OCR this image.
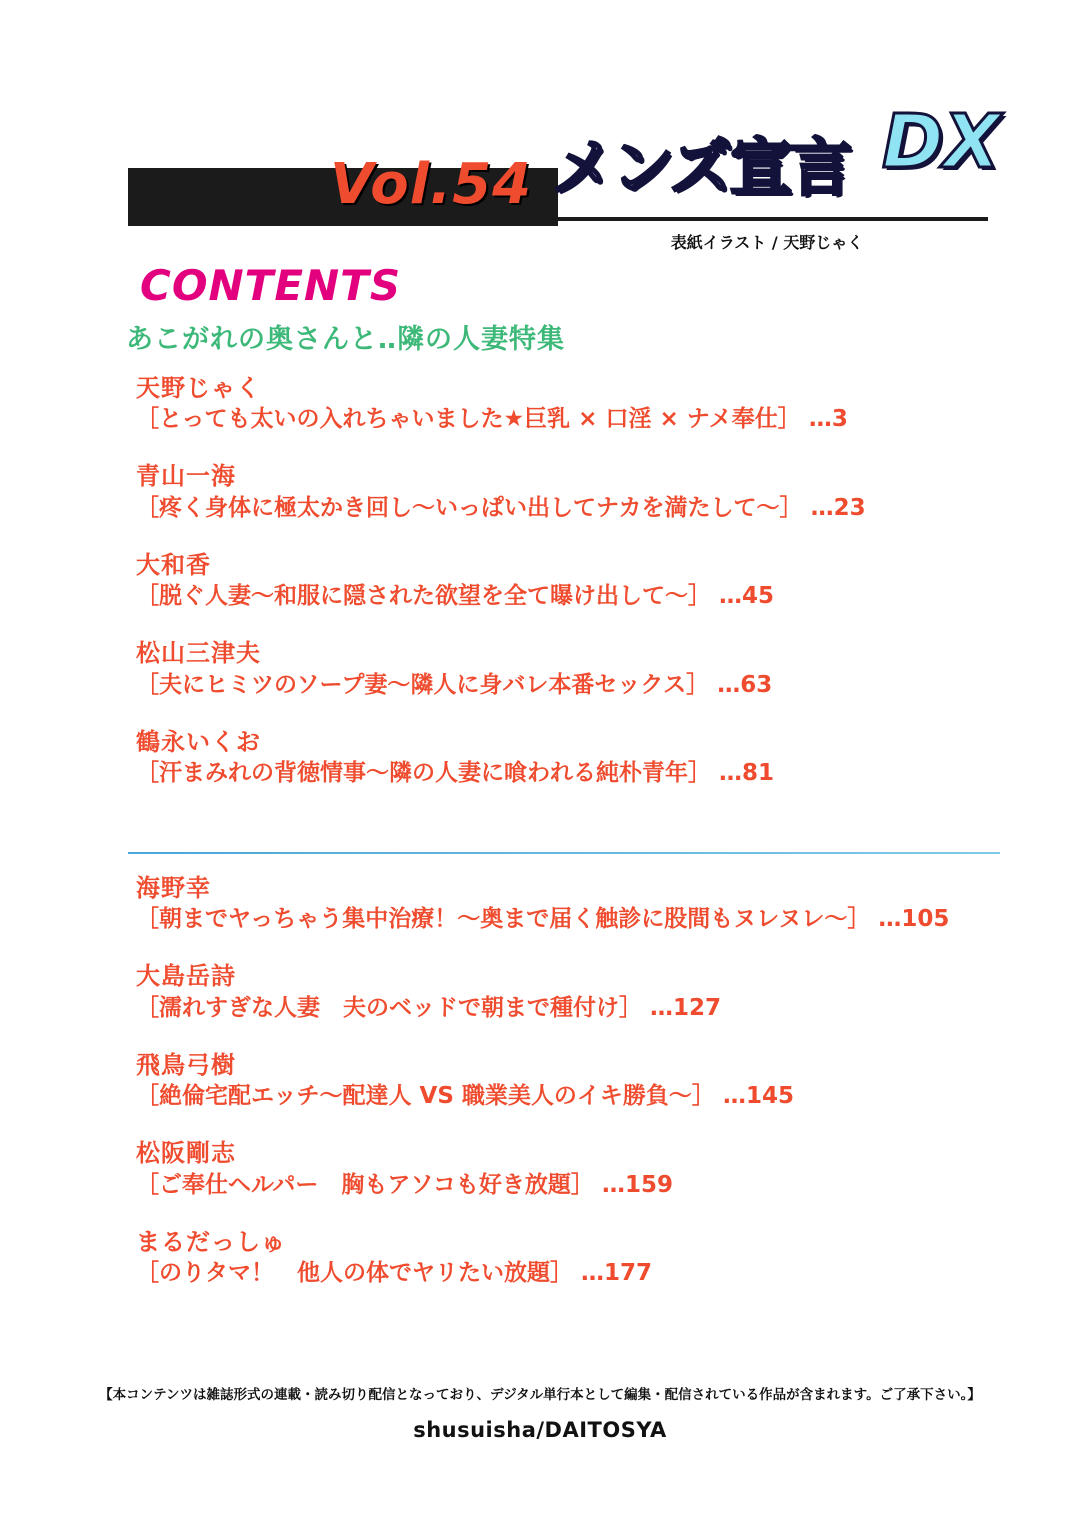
Vol.54 メンズ宣言 DX
表紙イラスト / 天野じゃく
CONTENTS
あこがれの奥さんと‥隣の人妻特集
天野じゃく
［とっても太いの入れちゃいました★巨乳 × 口淫 × ナメ奉仕］ …3
青山一海
［疼く身体に極太かき回し～いっぱい出してナカを満たして～］ …23
大和香
［脱ぐ人妻～和服に隠された欲望を全て曝け出して～］ …45
松山三津夫
［夫にヒミツのソープ妻～隣人に身バレ本番セックス］ …63
鶴永いくお
［汗まみれの背徳情事～隣の人妻に喰われる純朴青年］ …81
海野幸
［朝までヤっちゃう集中治療！～奥まで届く触診に股間もヌレヌレ～］ …105
大島岳詩
［濡れすぎな人妻　夫のベッドで朝まで種付け］ …127
飛鳥弓樹
［絶倫宅配エッチ～配達人 VS 職業美人のイキ勝負～］ …145
松阪剛志
［ご奉仕ヘルパー　胸もアソコも好き放題］ …159
まるだっしゅ
［のりタマ！　他人の体でヤリたい放題］ …177
【本コンテンツは雑誌形式の連載・読み切り配信となっており、デジタル単行本として編集・配信されている作品が含まれます。ご了承下さい。】
shusuisha/DAITOSYA
